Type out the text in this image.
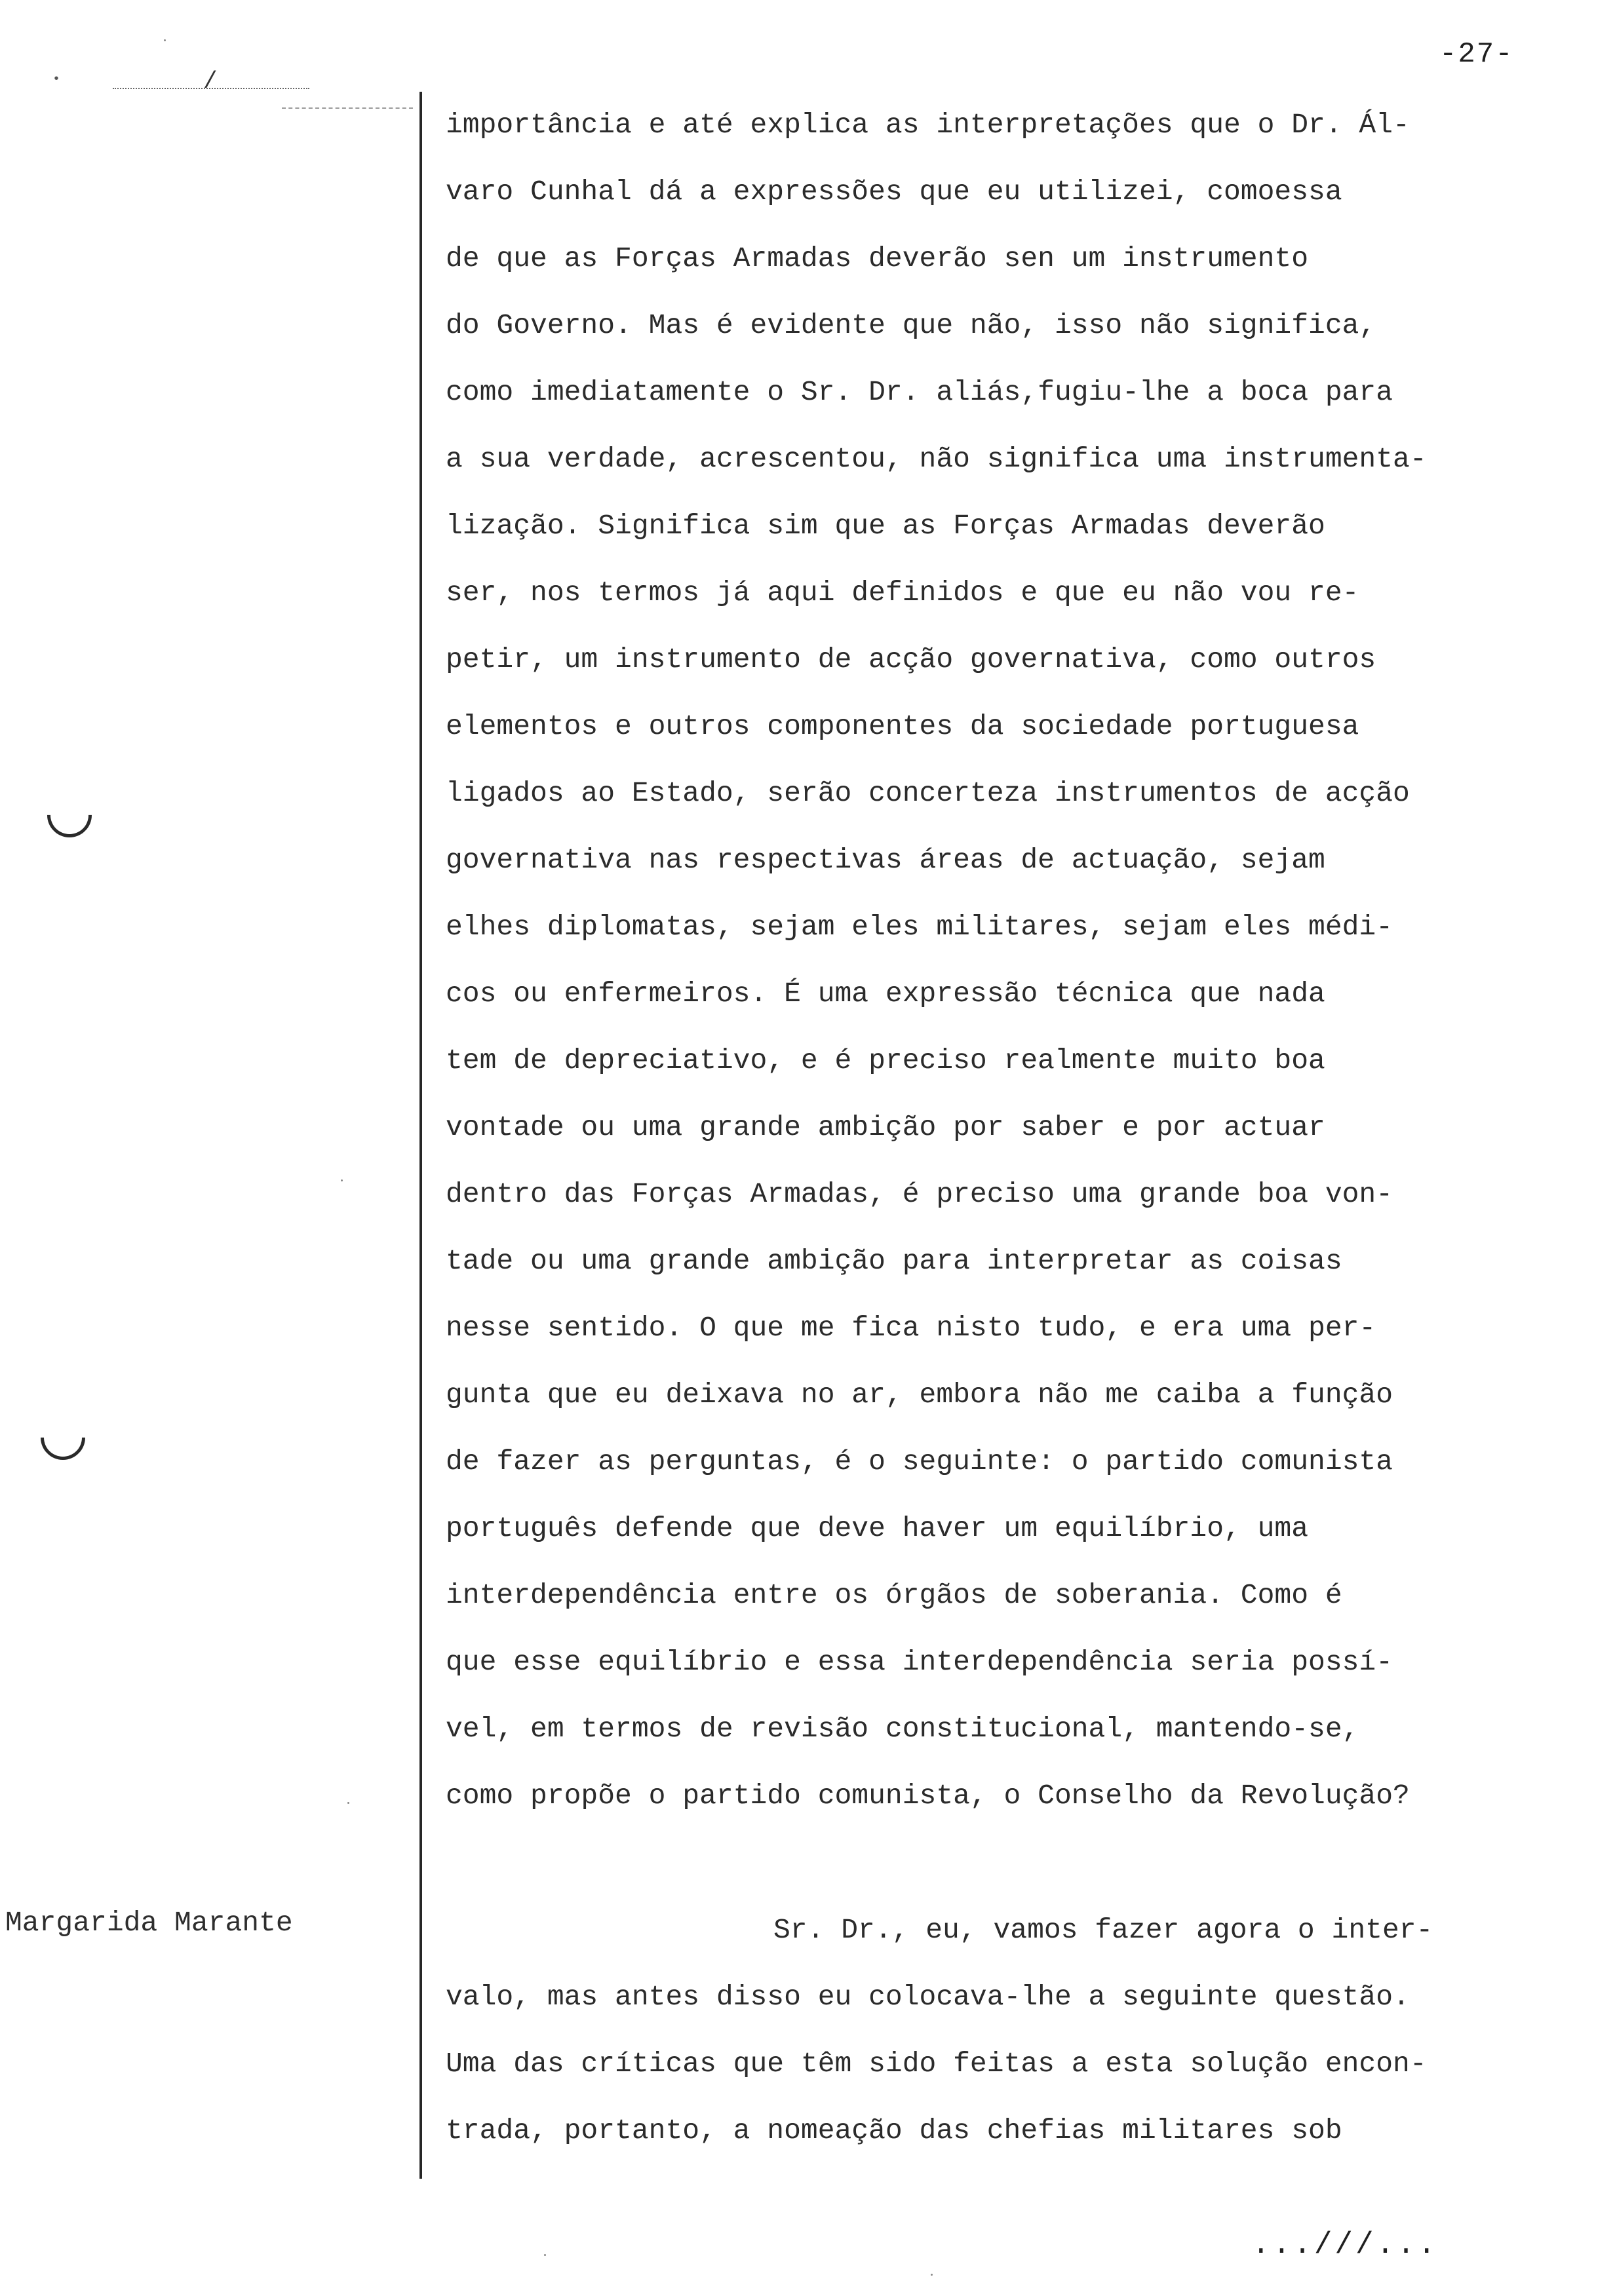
-27-
•	/
importância e até explica as interpretações que o Dr. Ál-
varo Cunhal dá a expressões que eu utilizei, comoessa
de que as Forças Armadas deverão sen um instrumento
do Governo. Mas é evidente que não, isso não significa,
como imediatamente o Sr. Dr. aliás,fugiu-lhe a boca para
a sua verdade, acrescentou, não significa uma instrumenta-
lização. Significa sim que as Forças Armadas deverão
ser, nos termos já aqui definidos e que eu não vou re-
petir, um instrumento de acção governativa, como outros
elementos e outros componentes da sociedade portuguesa
ligados ao Estado, serão concerteza instrumentos de acção
governativa nas respectivas áreas de actuação, sejam
elhes diplomatas, sejam eles militares, sejam eles médi-
cos ou enfermeiros. É uma expressão técnica que nada
tem de depreciativo, e é preciso realmente muito boa
vontade ou uma grande ambição por saber e por actuar
dentro das Forças Armadas, é preciso uma grande boa von-
tade ou uma grande ambição para interpretar as coisas
nesse sentido. O que me fica nisto tudo, e era uma per-
gunta que eu deixava no ar, embora não me caiba a função
de fazer as perguntas, é o seguinte: o partido comunista
português defende que deve haver um equilíbrio, uma
interdependência entre os órgãos de soberania. Como é
que esse equilíbrio e essa interdependência seria possí-
vel, em termos de revisão constitucional, mantendo-se,
como propõe o partido comunista, o Conselho da Revolução?
Margarida Marante	Sr. Dr., eu, vamos fazer agora o inter-
valo, mas antes disso eu colocava-lhe a seguinte questão.
Uma das críticas que têm sido feitas a esta solução encon-
trada, portanto, a nomeação das chefias militares sob
...///...
